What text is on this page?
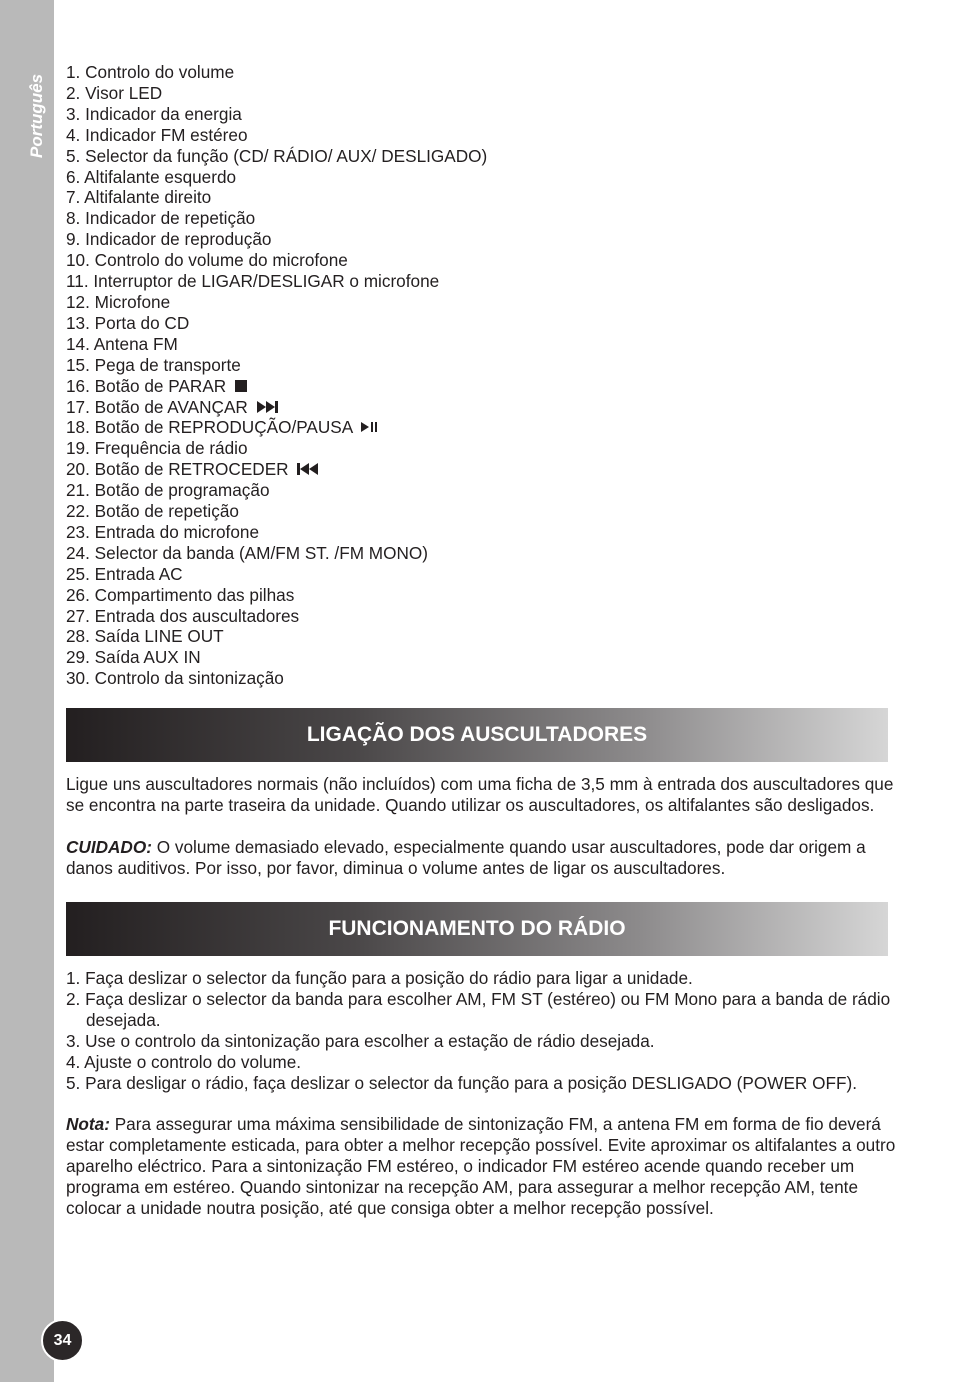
Português
1. Controlo do volume
2. Visor LED
3. Indicador da energia
4. Indicador FM estéreo
5. Selector da função (CD/ RÁDIO/ AUX/ DESLIGADO)
6. Altifalante esquerdo
7. Altifalante direito
8. Indicador de repetição
9. Indicador de reprodução
10. Controlo do volume do microfone
11. Interruptor de LIGAR/DESLIGAR o microfone
12. Microfone
13. Porta do CD
14. Antena FM
15. Pega de transporte
16. Botão de PARAR
17. Botão de AVANÇAR
18. Botão de REPRODUÇÃO/PAUSA
19. Frequência de rádio
20. Botão de RETROCEDER
21. Botão de programação
22. Botão de repetição
23. Entrada do microfone
24. Selector da banda (AM/FM ST. /FM MONO)
25. Entrada AC
26. Compartimento das pilhas
27. Entrada dos auscultadores
28. Saída LINE OUT
29. Saída AUX IN
30. Controlo da sintonização
LIGAÇÃO DOS AUSCULTADORES

Ligue uns auscultadores normais (não incluídos) com uma ficha de 3,5 mm à entrada dos auscultadores que se encontra na parte traseira da unidade. Quando utilizar os auscultadores, os altifalantes são desligados.

CUIDADO: O volume demasiado elevado, especialmente quando usar auscultadores, pode dar origem a danos auditivos. Por isso, por favor, diminua o volume antes de ligar os auscultadores.

FUNCIONAMENTO DO RÁDIO
1. Faça deslizar o selector da função para a posição do rádio para ligar a unidade.
2. Faça deslizar o selector da banda para escolher AM, FM ST (estéreo) ou FM Mono para a banda de rádio desejada.
3. Use o controlo da sintonização para escolher a estação de rádio desejada.
4. Ajuste o controlo do volume.
5. Para desligar o rádio, faça deslizar o selector da função para a posição DESLIGADO (POWER OFF).

Nota: Para assegurar uma máxima sensibilidade de sintonização FM, a antena FM em forma de fio deverá estar completamente esticada, para obter a melhor recepção possível. Evite aproximar os altifalantes a outro aparelho eléctrico. Para a sintonização FM estéreo, o indicador FM estéreo acende quando receber um programa em estéreo. Quando sintonizar na recepção AM, para assegurar a melhor recepção AM, tente colocar a unidade noutra posição, até que consiga obter a melhor recepção possível.

34
